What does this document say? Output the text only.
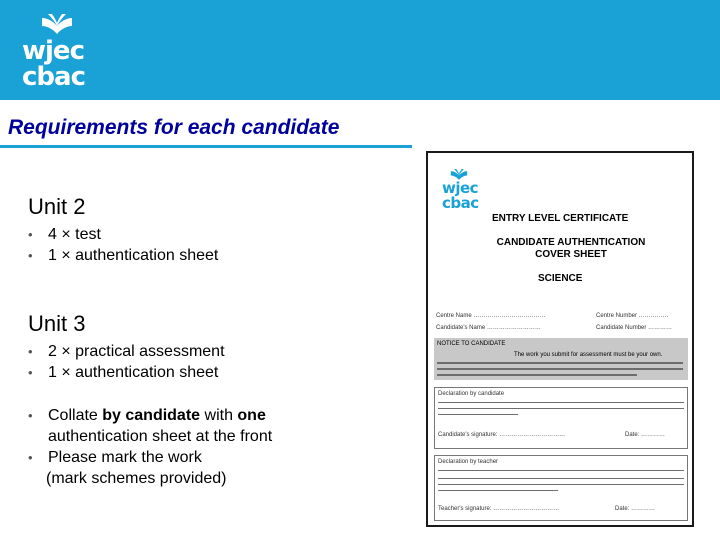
wjec
cbac
Requirements for each candidate
Unit 2
• 4 × test
• 1 × authentication sheet
Unit 3
• 2 × practical assessment
• 1 × authentication sheet
• Collate by candidate with one
authentication sheet at the front
• Please mark the work
(mark schemes provided)
wjec
cbac
ENTRY LEVEL CERTIFICATE
CANDIDATE AUTHENTICATION COVER SHEET
SCIENCE
Centre Name ………………………………	Centre Number ……………
Candidate's Name ………………………	Candidate Number …………
NOTICE TO CANDIDATE
The work you submit for assessment must be your own.
Declaration by candidate
Candidate's signature: ……………………………	Date: …………
Declaration by teacher
Teacher's signature: ……………………………	Date: …………
